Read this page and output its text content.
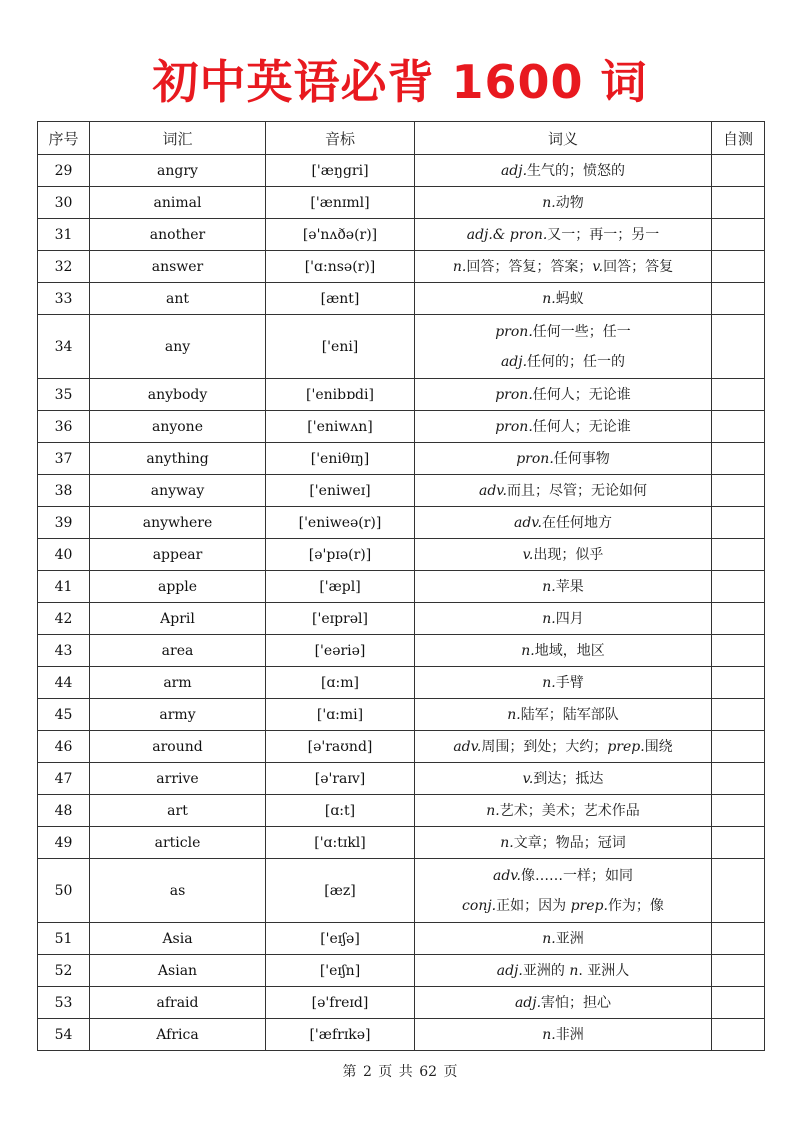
初中英语必背 1600 词
序号	词汇	音标	词义	自测
29	angry	['æŋgri]	adj.生气的；愤怒的	

30	animal	['ænɪml]	n.动物	

31	another	[ə'nʌðə(r)]	adj.& pron.又一；再一；另一	

32	answer	['ɑ:nsə(r)]	n.回答；答复；答案；v.回答；答复	

33	ant	[ænt]	n.蚂蚁	

34	any	['eni]	pron.任何一些；任一
adj.任何的；任一的	

35	anybody	['enibɒdi]	pron.任何人；无论谁	

36	anyone	['eniwʌn]	pron.任何人；无论谁	

37	anything	['eniθɪŋ]	pron.任何事物	

38	anyway	['eniweɪ]	adv.而且；尽管；无论如何	

39	anywhere	['eniweə(r)]	adv.在任何地方	

40	appear	[ə'pɪə(r)]	v.出现；似乎	

41	apple	['æpl]	n.苹果	

42	April	['eɪprəl]	n.四月	

43	area	['eəriə]	n.地域，地区	

44	arm	[ɑ:m]	n.手臂	

45	army	['ɑ:mi]	n.陆军；陆军部队	

46	around	[ə'raʊnd]	adv.周围；到处；大约；prep.围绕	

47	arrive	[ə'raɪv]	v.到达；抵达	

48	art	[ɑ:t]	n.艺术；美术；艺术作品	

49	article	['ɑ:tɪkl]	n.文章；物品；冠词	

50	as	[æz]	adv.像……一样；如同
conj.正如；因为 prep.作为；像	

51	Asia	['eɪʃə]	n.亚洲	

52	Asian	['eɪʃn]	adj.亚洲的 n. 亚洲人	

53	afraid	[ə'freɪd]	adj.害怕；担心	

54	Africa	['æfrɪkə]	n.非洲	

第 2 页 共 62 页
